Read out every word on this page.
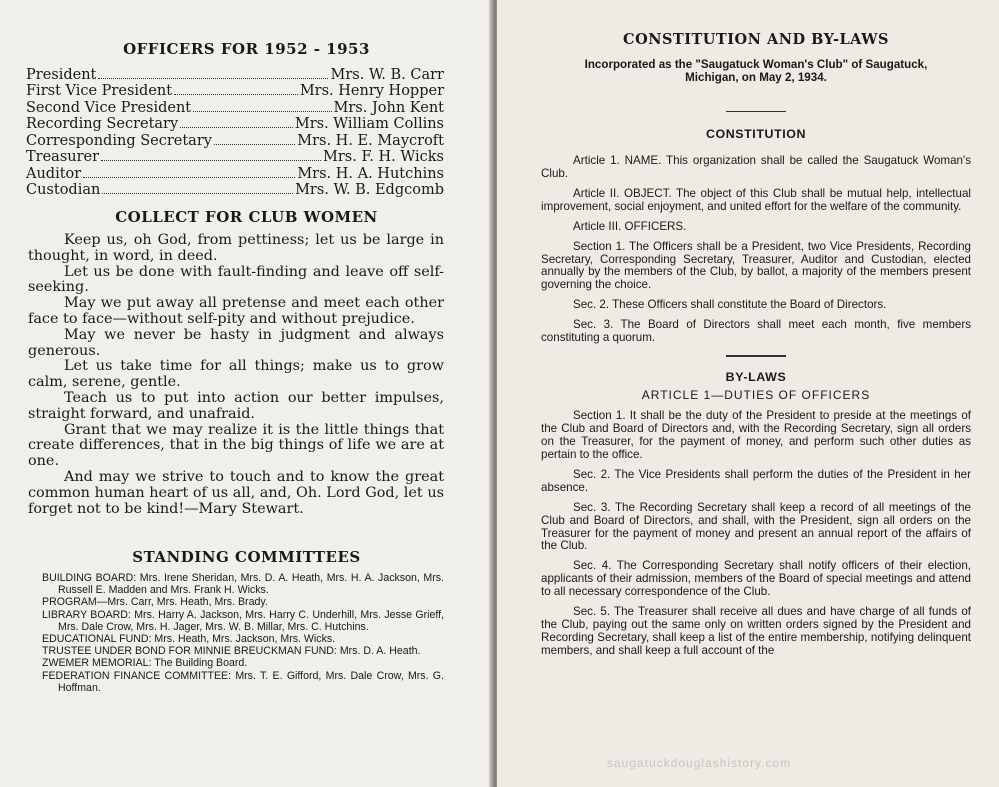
OFFICERS FOR 1952 - 1953
President	Mrs. W. B. Carr
First Vice President	Mrs. Henry Hopper
Second Vice President	Mrs. John Kent
Recording Secretary	Mrs. William Collins
Corresponding Secretary	Mrs. H. E. Maycroft
Treasurer	Mrs. F. H. Wicks
Auditor	Mrs. H. A. Hutchins
Custodian	Mrs. W. B. Edgcomb
COLLECT FOR CLUB WOMEN

Keep us, oh God, from pettiness; let us be large in thought, in word, in deed.

Let us be done with fault-finding and leave off self-seeking.

May we put away all pretense and meet each other face to face—without self-pity and without prejudice.

May we never be hasty in judgment and always generous.

Let us take time for all things; make us to grow calm, serene, gentle.

Teach us to put into action our better impulses, straight forward, and unafraid.

Grant that we may realize it is the little things that create differences, that in the big things of life we are at one.

And may we strive to touch and to know the great common human heart of us all, and, Oh. Lord God, let us forget not to be kind!—Mary Stewart.

STANDING COMMITTEES

BUILDING BOARD: Mrs. Irene Sheridan, Mrs. D. A. Heath, Mrs. H. A. Jackson, Mrs. Russell E. Madden and Mrs. Frank H. Wicks.

PROGRAM—Mrs. Carr, Mrs. Heath, Mrs. Brady.

LIBRARY BOARD: Mrs. Harry A. Jackson, Mrs. Harry C. Underhill, Mrs. Jesse Grieff, Mrs. Dale Crow, Mrs. H. Jager, Mrs. W. B. Millar, Mrs. C. Hutchins.

EDUCATIONAL FUND: Mrs. Heath, Mrs. Jackson, Mrs. Wicks.

TRUSTEE UNDER BOND FOR MINNIE BREUCKMAN FUND: Mrs. D. A. Heath.

ZWEMER MEMORIAL: The Building Board.

FEDERATION FINANCE COMMITTEE: Mrs. T. E. Gifford, Mrs. Dale Crow, Mrs. G. Hoffman.

CONSTITUTION AND BY-LAWS
Incorporated as the "Saugatuck Woman's Club" of Saugatuck, Michigan, on May 2, 1934.
CONSTITUTION

Article 1. NAME. This organization shall be called the Saugatuck Woman's Club.

Article II. OBJECT. The object of this Club shall be mutual help, intellectual improvement, social enjoyment, and united effort for the welfare of the community.

Article III. OFFICERS.

Section 1. The Officers shall be a President, two Vice Presidents, Recording Secretary, Corresponding Secretary, Treasurer, Auditor and Custodian, elected annually by the members of the Club, by ballot, a majority of the members present governing the choice.

Sec. 2. These Officers shall constitute the Board of Directors.

Sec. 3. The Board of Directors shall meet each month, five members constituting a quorum.

BY-LAWS
ARTICLE 1—DUTIES OF OFFICERS

Section 1. It shall be the duty of the President to preside at the meetings of the Club and Board of Directors and, with the Recording Secretary, sign all orders on the Treasurer, for the payment of money, and perform such other duties as pertain to the office.

Sec. 2. The Vice Presidents shall perform the duties of the President in her absence.

Sec. 3. The Recording Secretary shall keep a record of all meetings of the Club and Board of Directors, and shall, with the President, sign all orders on the Treasurer for the payment of money and present an annual report of the affairs of the Club.

Sec. 4. The Corresponding Secretary shall notify officers of their election, applicants of their admission, members of the Board of special meetings and attend to all necessary correspondence of the Club.

Sec. 5. The Treasurer shall receive all dues and have charge of all funds of the Club, paying out the same only on written orders signed by the President and Recording Secretary, shall keep a list of the entire membership, notifying delinquent members, and shall keep a full account of the

saugatuckdouglashistory.com
